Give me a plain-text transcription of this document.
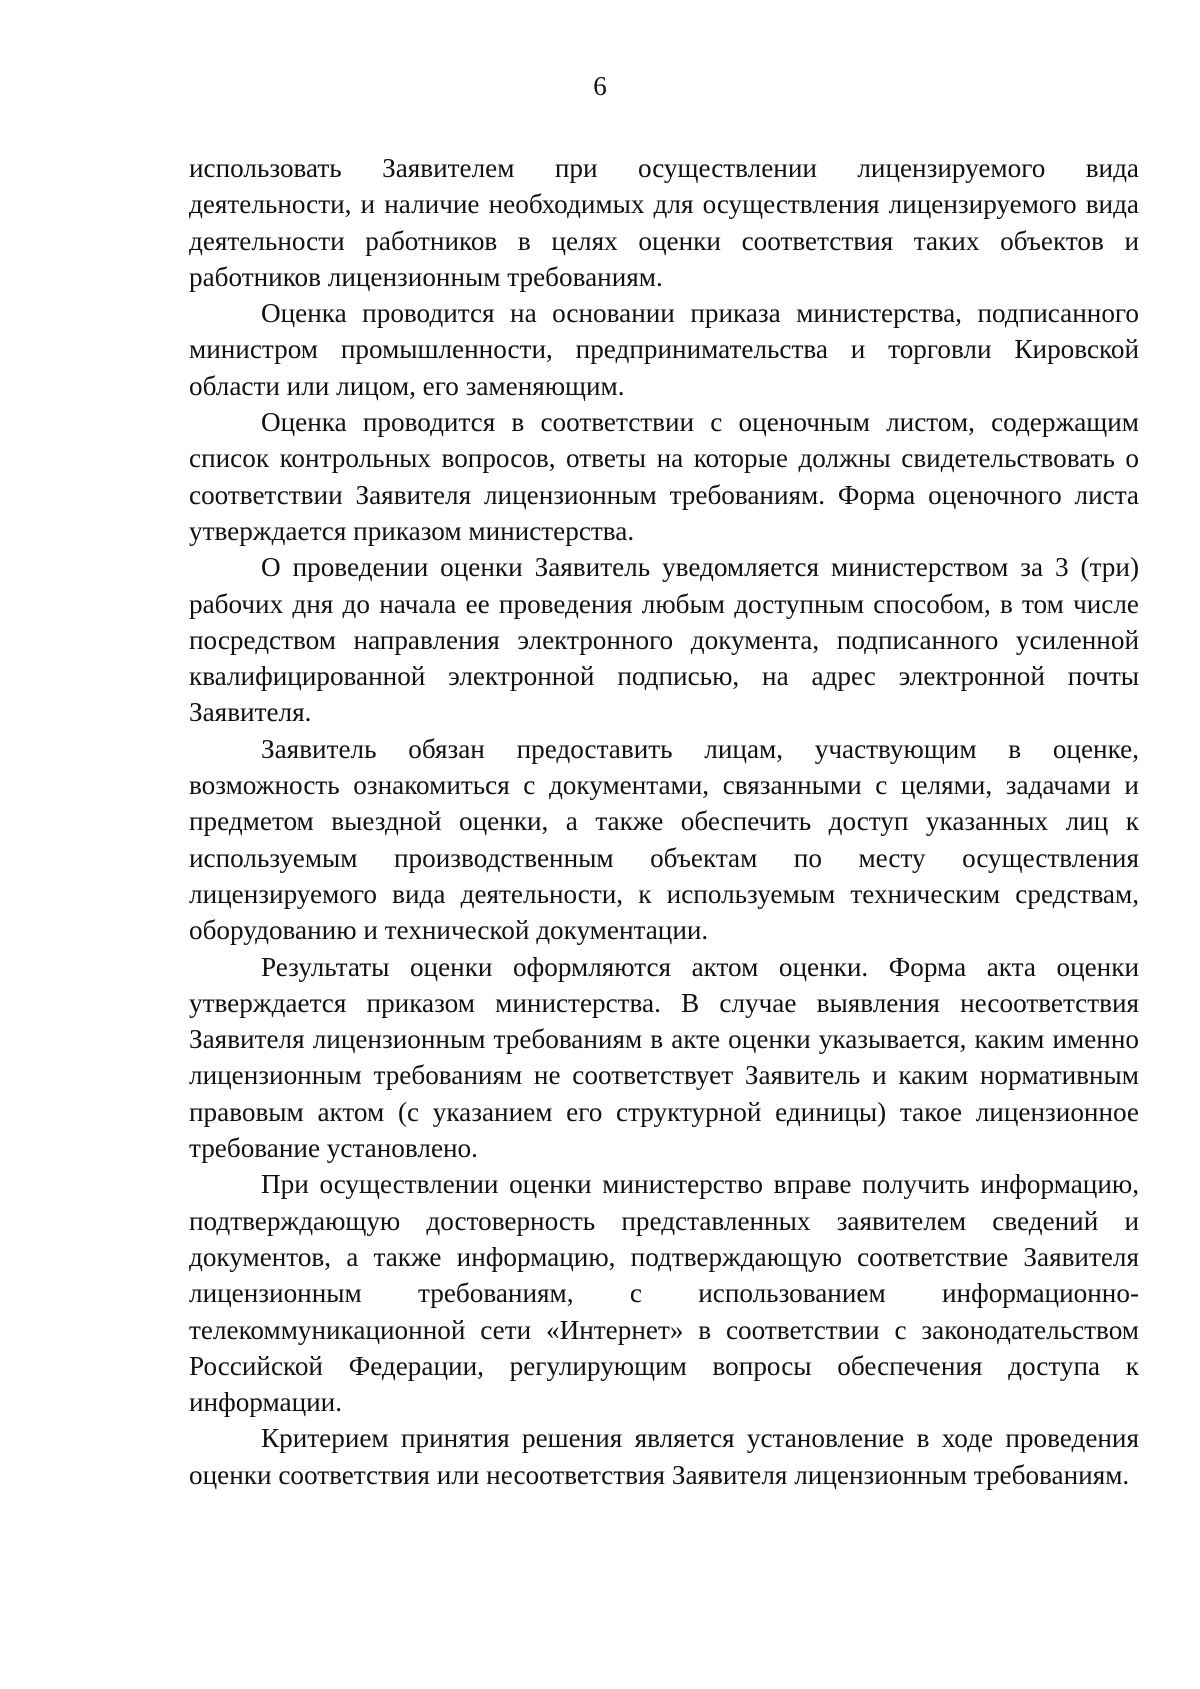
6

использовать Заявителем при осуществлении лицензируемого вида деятельности, и наличие необходимых для осуществления лицензируемого вида деятельности работников в целях оценки соответствия таких объектов и работников лицензионным требованиям.

Оценка проводится на основании приказа министерства, подписанного министром промышленности, предпринимательства и торговли Кировской области или лицом, его заменяющим.

Оценка проводится в соответствии с оценочным листом, содержащим список контрольных вопросов, ответы на которые должны свидетельствовать о соответствии Заявителя лицензионным требованиям. Форма оценочного листа утверждается приказом министерства.

О проведении оценки Заявитель уведомляется министерством за 3 (три) рабочих дня до начала ее проведения любым доступным способом, в том числе посредством направления электронного документа, подписанного усиленной квалифицированной электронной подписью, на адрес электронной почты Заявителя.

Заявитель обязан предоставить лицам, участвующим в оценке, возможность ознакомиться с документами, связанными с целями, задачами и предметом выездной оценки, а также обеспечить доступ указанных лиц к используемым производственным объектам по месту осуществления лицензируемого вида деятельности, к используемым техническим средствам, оборудованию и технической документации.

Результаты оценки оформляются актом оценки. Форма акта оценки утверждается приказом министерства. В случае выявления несоответствия Заявителя лицензионным требованиям в акте оценки указывается, каким именно лицензионным требованиям не соответствует Заявитель и каким нормативным правовым актом (с указанием его структурной единицы) такое лицензионное требование установлено.

При осуществлении оценки министерство вправе получить информацию, подтверждающую достоверность представленных заявителем сведений и документов, а также информацию, подтверждающую соответствие Заявителя лицензионным требованиям, с использованием информационно-телекоммуникационной сети «Интернет» в соответствии с законодательством Российской Федерации, регулирующим вопросы обеспечения доступа к информации.

Критерием принятия решения является установление в ходе проведения оценки соответствия или несоответствия Заявителя лицензионным требованиям.
